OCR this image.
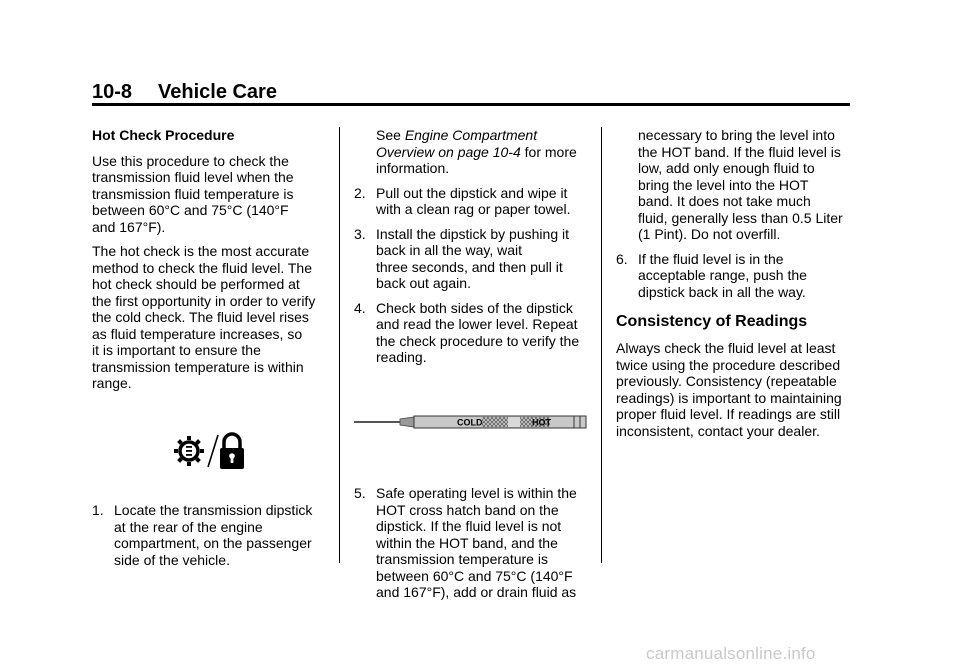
10-8 Vehicle Care

Hot Check Procedure

Use this procedure to check the
transmission fluid level when the
transmission fluid temperature is
between 60°C and 75°C (140°F
and 167°F).

The hot check is the most accurate
method to check the fluid level. The
hot check should be performed at
the first opportunity in order to verify
the cold check. The fluid level rises
as fluid temperature increases, so
it is important to ensure the
transmission temperature is within
range.

1. Locate the transmission dipstick
at the rear of the engine
compartment, on the passenger
side of the vehicle.

See Engine Compartment
Overview on page 10-4 for more
information.

2. Pull out the dipstick and wipe it
with a clean rag or paper towel.
3. Install the dipstick by pushing it
back in all the way, wait
three seconds, and then pull it
back out again.
4. Check both sides of the dipstick
and read the lower level. Repeat
the check procedure to verify the
reading.
COLD	HOT
5. Safe operating level is within the
HOT cross hatch band on the
dipstick. If the fluid level is not
within the HOT band, and the
transmission temperature is
between 60°C and 75°C (140°F
and 167°F), add or drain fluid as

necessary to bring the level into
the HOT band. If the fluid level is
low, add only enough fluid to
bring the level into the HOT
band. It does not take much
fluid, generally less than 0.5 Liter
(1 Pint). Do not overfill.

6. If the fluid level is in the
acceptable range, push the
dipstick back in all the way.
Consistency of Readings

Always check the fluid level at least
twice using the procedure described
previously. Consistency (repeatable
readings) is important to maintaining
proper fluid level. If readings are still
inconsistent, contact your dealer.

carmanualsonline.info
